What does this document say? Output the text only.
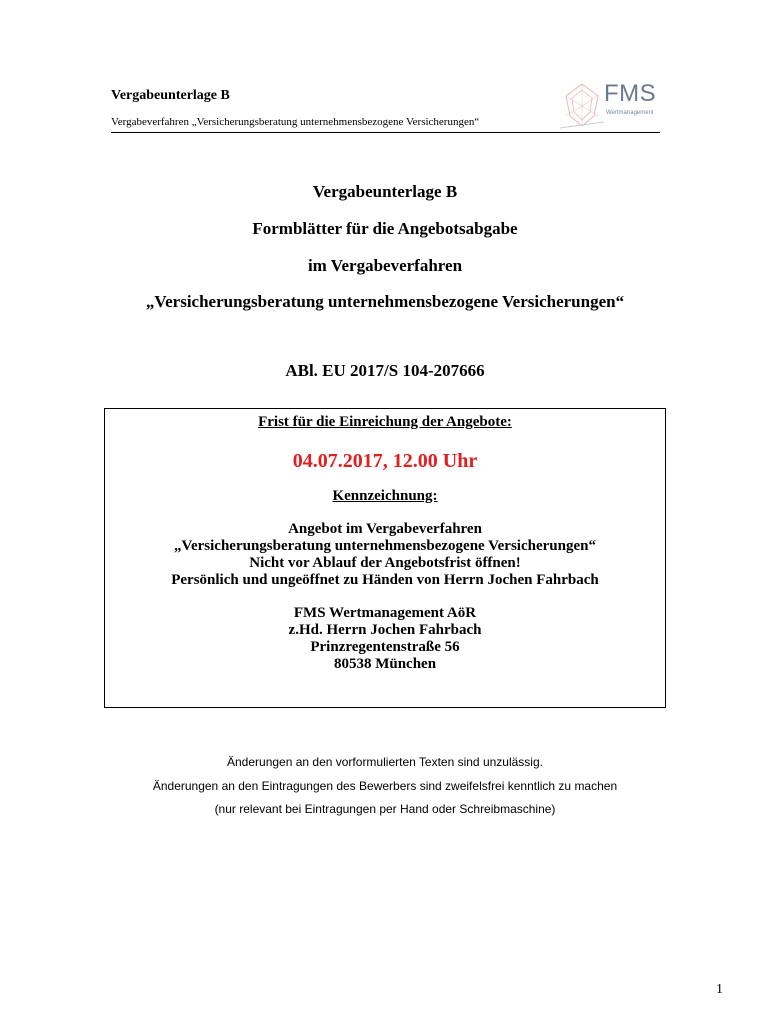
Vergabeunterlage B
Vergabeverfahren „Versicherungsberatung unternehmensbezogene Versicherungen“
FMS
Wertmanagement
Vergabeunterlage B
Formblätter für die Angebotsabgabe
im Vergabeverfahren
„Versicherungsberatung unternehmensbezogene Versicherungen“
ABl. EU 2017/S 104-207666
Frist für die Einreichung der Angebote:
04.07.2017, 12.00 Uhr
Kennzeichnung:
Angebot im Vergabeverfahren
„Versicherungsberatung unternehmensbezogene Versicherungen“
Nicht vor Ablauf der Angebotsfrist öffnen!
Persönlich und ungeöffnet zu Händen von Herrn Jochen Fahrbach
FMS Wertmanagement AöR
z.Hd. Herrn Jochen Fahrbach
Prinzregentenstraße 56
80538 München
Änderungen an den vorformulierten Texten sind unzulässig.
Änderungen an den Eintragungen des Bewerbers sind zweifelsfrei kenntlich zu machen
(nur relevant bei Eintragungen per Hand oder Schreibmaschine)
1
